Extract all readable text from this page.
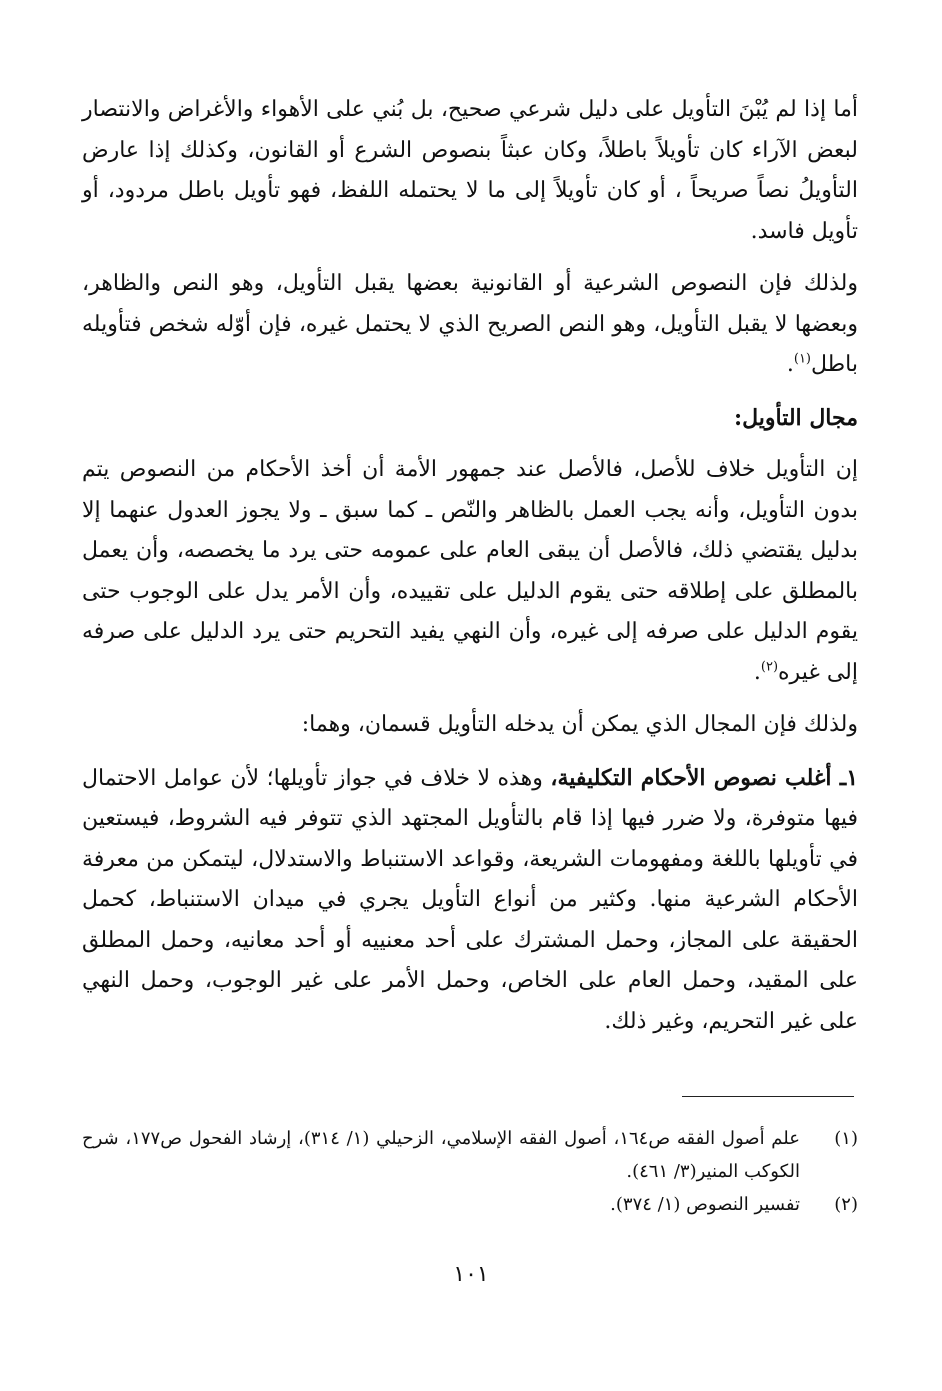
أما إذا لم يُبْنَ التأويل على دليل شرعي صحيح، بل بُني على الأهواء والأغراض والانتصار لبعض الآراء كان تأويلاً باطلاً، وكان عبثاً بنصوص الشرع أو القانون، وكذلك إذا عارض التأويلُ نصاً صريحاً ، أو كان تأويلاً إلى ما لا يحتمله اللفظ، فهو تأويل باطل مردود، أو تأويل فاسد.

ولذلك فإن النصوص الشرعية أو القانونية بعضها يقبل التأويل، وهو النص والظاهر، وبعضها لا يقبل التأويل، وهو النص الصريح الذي لا يحتمل غيره، فإن أوّله شخص فتأويله باطل$^{(١)}$.

مجال التأويل:

إن التأويل خلاف للأصل، فالأصل عند جمهور الأمة أن أخذ الأحكام من النصوص يتم بدون التأويل، وأنه يجب العمل بالظاهر والنّص ـ كما سبق ـ ولا يجوز العدول عنهما إلا بدليل يقتضي ذلك، فالأصل أن يبقى العام على عمومه حتى يرد ما يخصصه، وأن يعمل بالمطلق على إطلاقه حتى يقوم الدليل على تقييده، وأن الأمر يدل على الوجوب حتى يقوم الدليل على صرفه إلى غيره، وأن النهي يفيد التحريم حتى يرد الدليل على صرفه إلى غيره$^{(٢)}$.

ولذلك فإن المجال الذي يمكن أن يدخله التأويل قسمان، وهما:

١ـ أغلب نصوص الأحكام التكليفية، وهذه لا خلاف في جواز تأويلها؛ لأن عوامل الاحتمال فيها متوفرة، ولا ضرر فيها إذا قام بالتأويل المجتهد الذي تتوفر فيه الشروط، فيستعين في تأويلها باللغة ومفهومات الشريعة، وقواعد الاستنباط والاستدلال، ليتمكن من معرفة الأحكام الشرعية منها. وكثير من أنواع التأويل يجري في ميدان الاستنباط، كحمل الحقيقة على المجاز، وحمل المشترك على أحد معنييه أو أحد معانيه، وحمل المطلق على المقيد، وحمل العام على الخاص، وحمل الأمر على غير الوجوب، وحمل النهي على غير التحريم، وغير ذلك.

(١)
علم أصول الفقه ص١٦٤، أصول الفقه الإسلامي، الزحيلي (١/ ٣١٤)، إرشاد الفحول ص١٧٧، شرح الكوكب المنير(٣/ ٤٦١).
(٢)
تفسير النصوص (١/ ٣٧٤).
١٠١
